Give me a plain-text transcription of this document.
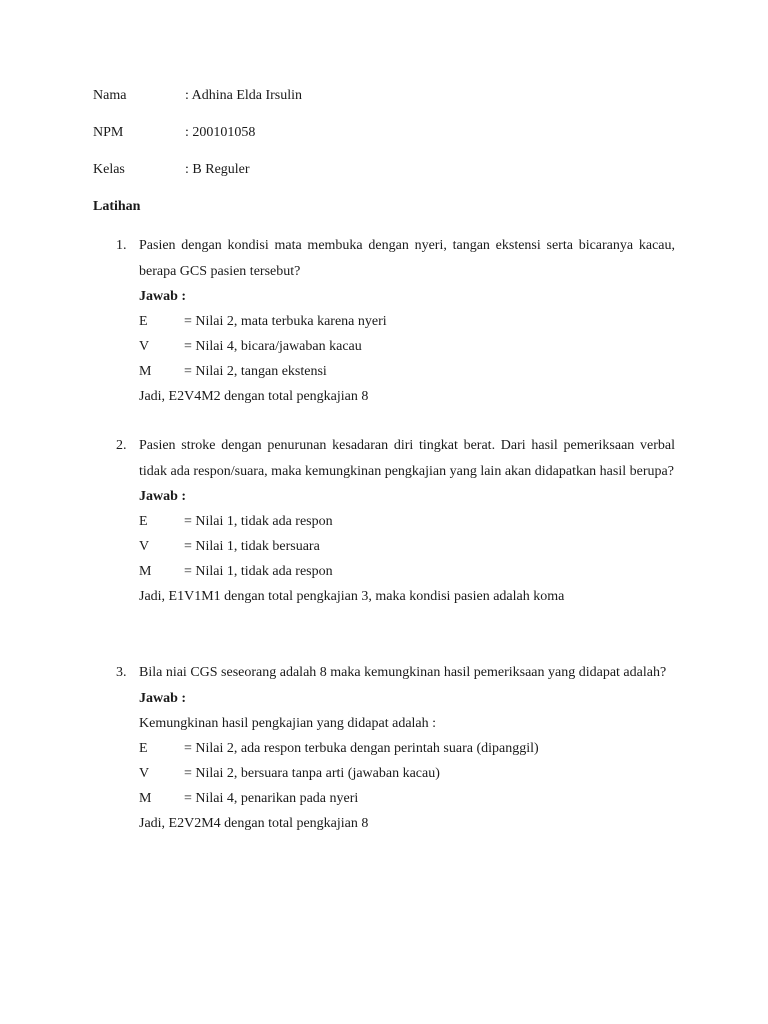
Nama	: Adhina Elda Irsulin
NPM	: 200101058
Kelas	: B Reguler
Latihan
1. Pasien dengan kondisi mata membuka dengan nyeri, tangan ekstensi serta bicaranya kacau, berapa GCS pasien tersebut?
Jawab :
E	= Nilai 2, mata terbuka karena nyeri
V = Nilai 4, bicara/jawaban kacau
M = Nilai 2, tangan ekstensi
Jadi, E2V4M2 dengan total pengkajian 8
2. Pasien stroke dengan penurunan kesadaran diri tingkat berat. Dari hasil pemeriksaan verbal tidak ada respon/suara, maka kemungkinan pengkajian yang lain akan didapatkan hasil berupa?
Jawab :
E	= Nilai 1, tidak ada respon
V = Nilai 1, tidak bersuara
M = Nilai 1, tidak ada respon
Jadi, E1V1M1 dengan total pengkajian 3, maka kondisi pasien adalah koma
3. Bila niai CGS seseorang adalah 8 maka kemungkinan hasil pemeriksaan yang didapat adalah?
Jawab :
Kemungkinan hasil pengkajian yang didapat adalah :
E	= Nilai 2, ada respon terbuka dengan perintah suara (dipanggil)
V = Nilai 2, bersuara tanpa arti (jawaban kacau)
M = Nilai 4, penarikan pada nyeri
Jadi, E2V2M4 dengan total pengkajian 8
